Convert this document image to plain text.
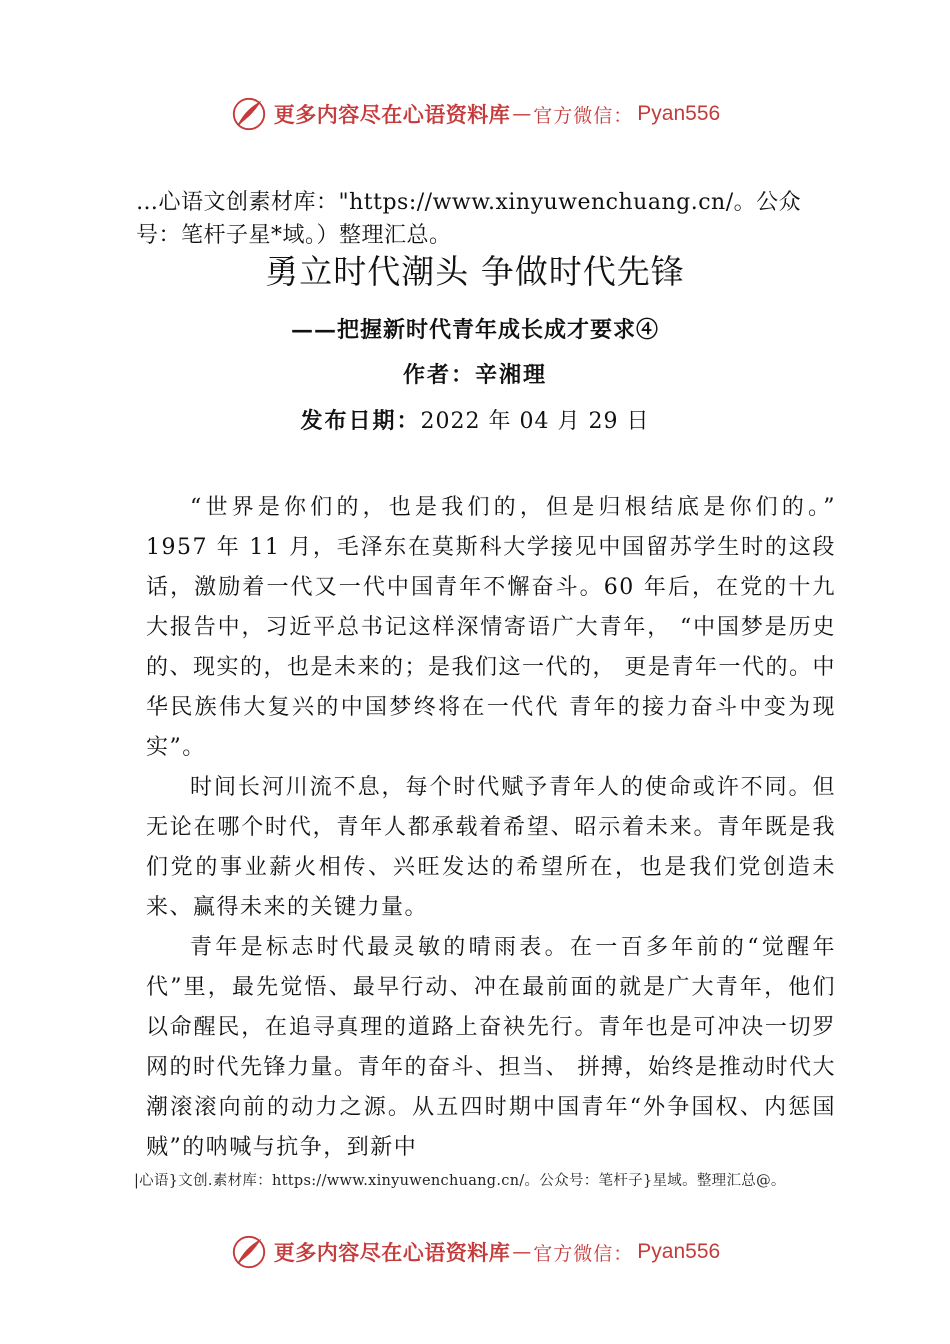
更多内容尽在心语资料库 — 官方微信： Pyan556
…心语文创素材库："https://www.xinyuwenchuang.cn/。公众号：笔杆子星*域。）整理汇总。
勇立时代潮头 争做时代先锋
——把握新时代青年成长成才要求④
作者：辛湘理
发布日期：2022 年 04 月 29 日

“世界是你们的，也是我们的，但是归根结底是你们的。” 1957 年 11 月，毛泽东在莫斯科大学接见中国留苏学生时的这段话，激励着一代又一代中国青年不懈奋斗。60 年后，在党的十九大报告中，习近平总书记这样深情寄语广大青年， “中国梦是历史的、现实的，也是未来的；是我们这一代的， 更是青年一代的。中华民族伟大复兴的中国梦终将在一代代 青年的接力奋斗中变为现实”。

时间长河川流不息，每个时代赋予青年人的使命或许不同。但无论在哪个时代，青年人都承载着希望、昭示着未来。青年既是我们党的事业薪火相传、兴旺发达的希望所在，也是我们党创造未来、赢得未来的关键力量。

青年是标志时代最灵敏的晴雨表。在一百多年前的“觉醒年代”里，最先觉悟、最早行动、冲在最前面的就是广大青年，他们以命醒民，在追寻真理的道路上奋袂先行。青年也是可冲决一切罗网的时代先锋力量。青年的奋斗、担当、 拼搏，始终是推动时代大潮滚滚向前的动力之源。从五四时期中国青年“外争国权、内惩国贼”的呐喊与抗争，到新中

|心语}文创.素材库：https://www.xinyuwenchuang.cn/。公众号：笔杆子}星域。整理汇总@。
更多内容尽在心语资料库 — 官方微信： Pyan556
